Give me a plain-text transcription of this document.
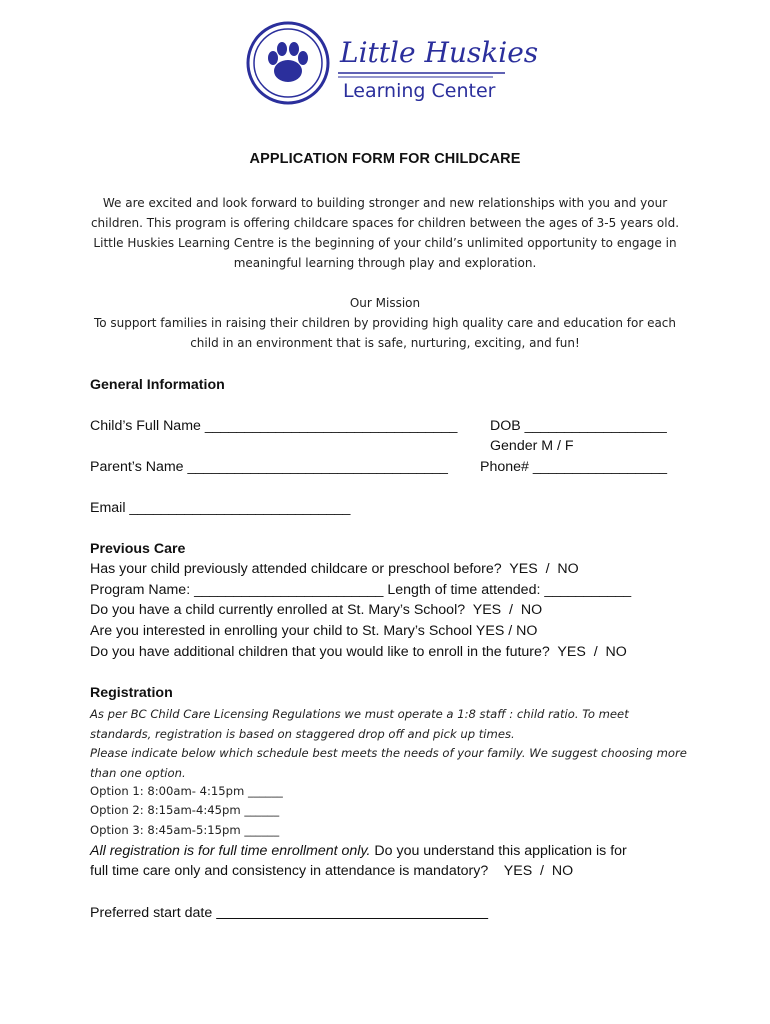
Little Huskies
Learning Center
APPLICATION FORM FOR CHILDCARE

We are excited and look forward to building stronger and new relationships with you and your children. This program is offering childcare spaces for children between the ages of 3-5 years old. Little Huskies Learning Centre is the beginning of your child’s unlimited opportunity to engage in meaningful learning through play and exploration.

Our Mission

To support families in raising their children by providing high quality care and education for each child in an environment that is safe, nurturing, exciting, and fun!

General Information
Child’s Full Name ________________________________ DOB __________________
Gender M / F
Parent’s Name _________________________________ Phone# _________________
Email ____________________________
Previous Care
Has your child previously attended childcare or preschool before?  YES  /  NO
Program Name: ________________________ Length of time attended: ___________
Do you have a child currently enrolled at St. Mary’s School?  YES  /  NO
Are you interested in enrolling your child to St. Mary’s School YES / NO
Do you have additional children that you would like to enroll in the future?  YES  /  NO
Registration
As per BC Child Care Licensing Regulations we must operate a 1:8 staff : child ratio. To meet standards, registration is based on staggered drop off and pick up times.
Please indicate below which schedule best meets the needs of your family. We suggest choosing more than one option.
Option 1: 8:00am- 4:15pm ______
Option 2: 8:15am-4:45pm ______
Option 3: 8:45am-5:15pm ______
All registration is for full time enrollment only. Do you understand this application is for
full time care only and consistency in attendance is mandatory?    YES  /  NO
Preferred start date
